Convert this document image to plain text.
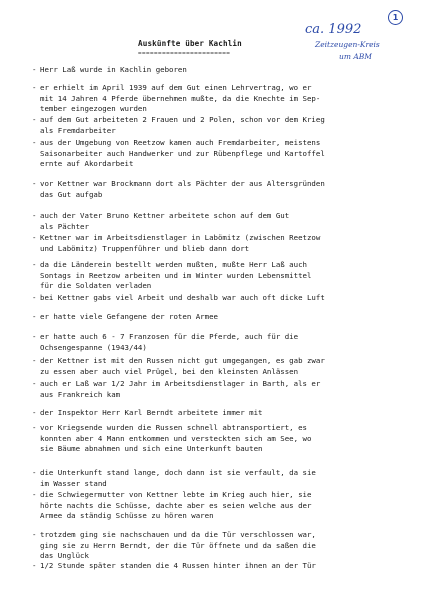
Auskünfte über Kachlin
=======================
1
ca. 1992
Zeitzeugen-Kreis
um ABM
- Herr Laß wurde in Kachlin geboren
- er erhielt im April 1939 auf dem Gut einen Lehrvertrag, wo er
mit 14 Jahren 4 Pferde übernehmen mußte, da die Knechte im Sep-
tember eingezogen wurden
- auf dem Gut arbeiteten 2 Frauen und 2 Polen, schon vor dem Krieg
als Fremdarbeiter
- aus der Umgebung von Reetzow kamen auch Fremdarbeiter, meistens
Saisonarbeiter auch Handwerker und zur Rübenpflege und Kartoffel
ernte auf Akordarbeit
- vor Kettner war Brockmann dort als Pächter der aus Altersgründen
das Gut aufgab
- auch der Vater Bruno Kettner arbeitete schon auf dem Gut
als Pächter
- Kettner war im Arbeitsdienstlager in Labömitz (zwischen Reetzow
und Labömitz) Truppenführer und blieb dann dort
- da die Länderein bestellt werden mußten, mußte Herr Laß auch
Sontags in Reetzow arbeiten und im Winter wurden Lebensmittel
für die Soldaten verladen
- bei Kettner gabs viel Arbeit und deshalb war auch oft dicke Luft
- er hatte viele Gefangene der roten Armee
- er hatte auch 6 - 7 Franzosen für die Pferde, auch für die
Ochsengespanne (1943/44)
- der Kettner ist mit den Russen nicht gut umgegangen, es gab zwar
zu essen aber auch viel Prügel, bei den kleinsten Anlässen
- auch er Laß war 1/2 Jahr im Arbeitsdienstlager in Barth, als er
aus Frankreich kam
- der Inspektor Herr Karl Berndt arbeitete immer mit
- vor Kriegsende wurden die Russen schnell abtransportiert, es
konnten aber 4 Mann entkommen und versteckten sich am See, wo
sie Bäume abnahmen und sich eine Unterkunft bauten
- die Unterkunft stand lange, doch dann ist sie verfault, da sie
im Wasser stand
- die Schwiegermutter von Kettner lebte im Krieg auch hier, sie
hörte nachts die Schüsse, dachte aber es seien welche aus der
Armee da ständig Schüsse zu hören waren
- trotzdem ging sie nachschauen und da die Tür verschlossen war,
ging sie zu Herrn Berndt, der die Tür öffnete und da saßen die
das Unglück
- 1/2 Stunde später standen die 4 Russen hinter ihnen an der Tür
